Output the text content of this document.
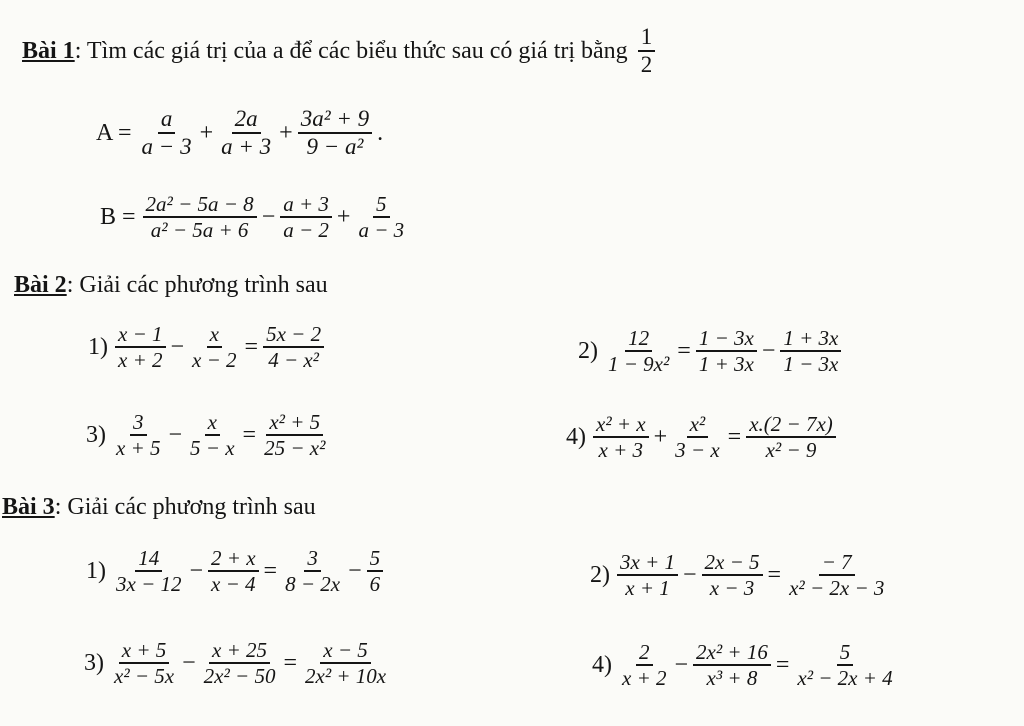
Bài 1 : Tìm các giá trị của a để các biểu thức sau có giá trị bằng $\frac{1}{2}$
$A = \frac{a}{a - 3} + \frac{2a}{a + 3} + \frac{\text{3a² + 9}}{\text{9 − a²}}$ .
$B = \frac{\text{2a² − 5a − 8}}{\text{a² − 5a + 6}} - \frac{a + 3}{a - 2} + \frac{5}{a - 3}$
Bài 2 : Giải các phương trình sau
$1) \frac{x - 1}{x + 2} - \frac{x}{x - 2} = \frac{5x - 2}{\text{4 − x²}}$	$2) \frac{12}{\text{1 − 9x²}} = \frac{1 - 3x}{1 + 3x} - \frac{1 + 3x}{1 - 3x}$
$3) \frac{3}{x + 5} - \frac{x}{5 - x} = \frac{\text{x² + 5}}{\text{25 − x²}}$	$4) \frac{\text{x² + x}}{x + 3} + \frac{\text{x²}}{3 - x} = \frac{x.(2 - 7x)}{\text{x² − 9}}$
Bài 3 : Giải các phương trình sau
$1) \frac{14}{3x - 12} - \frac{2 + x}{x - 4} = \frac{3}{8 - 2x} - \frac{5}{6}$	$2) \frac{3x + 1}{x + 1} - \frac{2x - 5}{x - 3} = \frac{- 7}{\text{x² − 2x − 3}}$
$3) \frac{x + 5}{\text{x² − 5x}} - \frac{x + 25}{\text{2x² − 50}} = \frac{x - 5}{\text{2x² + 10x}}$	$4) \frac{2}{x + 2} - \frac{\text{2x² + 16}}{\text{x³ + 8}} = \frac{5}{\text{x² − 2x + 4}}$
